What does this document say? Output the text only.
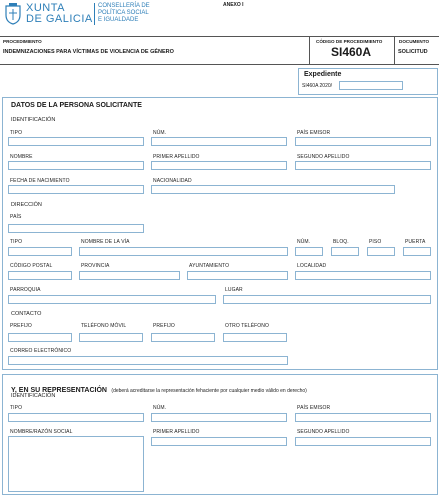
XUNTA
DE GALICIA
CONSELLERÍA DE
POLÍTICA SOCIAL
E IGUALDADE
ANEXO I
PROCEDIMIENTO
INDEMNIZACIONES PARA VÍCTIMAS DE VIOLENCIA DE GÉNERO
CÓDIGO DE PROCEDIMIENTO
SI460A
DOCUMENTO
SOLICITUD
Expediente
SI460A 2020/
DATOS DE LA PERSONA SOLICITANTE
IDENTIFICACIÓN
TIPO	NÚM.	PAÍS EMISOR
NOMBRE	PRIMER APELLIDO	SEGUNDO APELLIDO
FECHA DE NACIMIENTO	NACIONALIDAD
DIRECCIÓN
PAÍS
TIPO	NOMBRE DE LA VÍA	NÚM.	BLOQ.	PISO	PUERTA
CÓDIGO POSTAL	PROVINCIA	AYUNTAMIENTO	LOCALIDAD
PARROQUIA	LUGAR
CONTACTO
PREFIJO	TELÉFONO MÓVIL	PREFIJO	OTRO TELÉFONO
CORREO ELECTRÓNICO
Y, EN SU REPRESENTACIÓN (deberá acreditarse la representación fehaciente por cualquier medio válido en derecho)
IDENTIFICACIÓN
TIPO	NÚM.	PAÍS EMISOR
NOMBRE/RAZÓN SOCIAL	PRIMER APELLIDO	SEGUNDO APELLIDO
